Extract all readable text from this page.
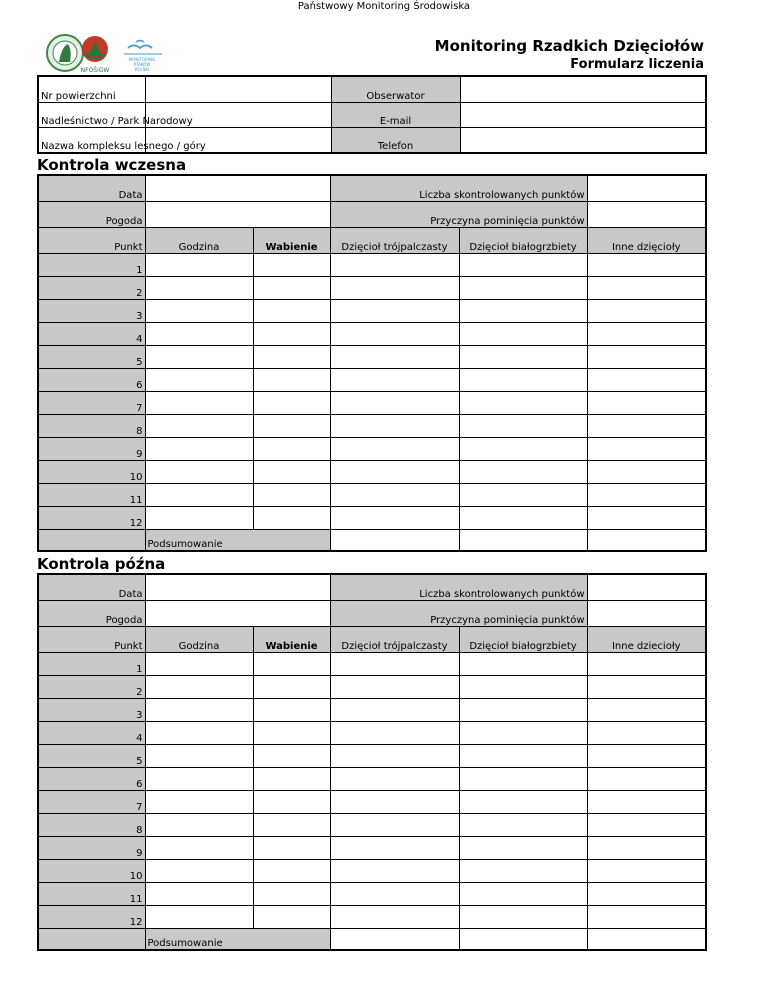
Państwowy Monitoring Środowiska
NFOŚiGW
MONITORING
PTAKÓW
POLSKI
Monitoring Rzadkich Dzięciołów
Formularz liczenia
Nr powierzchni		Obserwator	
Nadleśnictwo / Park Narodowy		E-mail	
Nazwa kompleksu lesnego / góry		Telefon	
Kontrola wczesna
Kontrola późna
Data			Liczba skontrolowanych punktów		
Pogoda			Przyczyna pominięcia punktów		
Punkt	Godzina	Wabienie	Dzięcioł trójpalczasty	Dzięcioł białogrzbiety	Inne dzięcioły
1					
2					
3					
4					
5					
6					
7					
8					
9					
10					
11					
12					
	Podsumowanie				
Data			Liczba skontrolowanych punktów		
Pogoda			Przyczyna pominięcia punktów		
Punkt	Godzina	Wabienie	Dzięcioł trójpalczasty	Dzięcioł białogrzbiety	Inne dzieciołу
1					
2					
3					
4					
5					
6					
7					
8					
9					
10					
11					
12					
	Podsumowanie				
